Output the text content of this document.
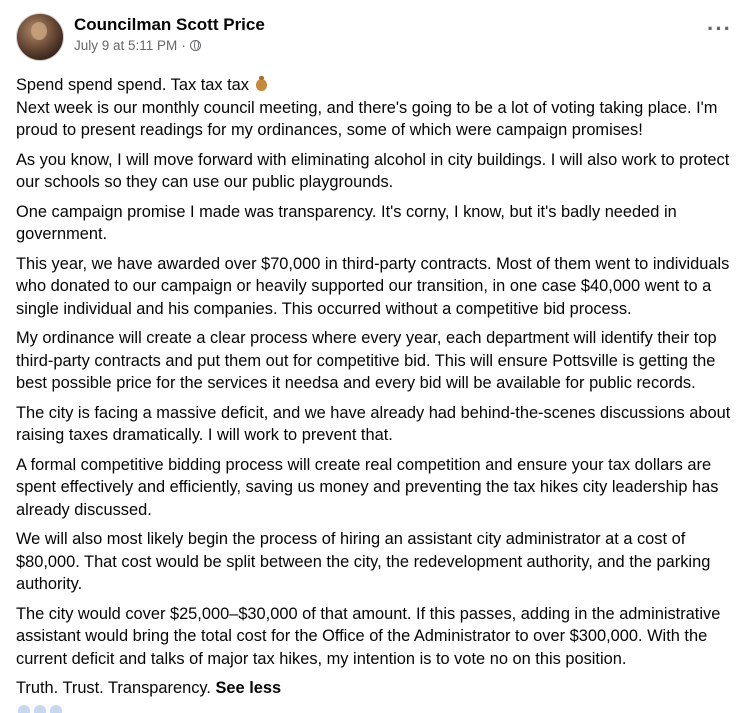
Councilman Scott Price
July 9 at 5:11 PM ·
···

Spend spend spend. Tax tax tax
Next week is our monthly council meeting, and there's going to be a lot of voting taking place. I'm proud to present readings for my ordinances, some of which were campaign promises!

As you know, I will move forward with eliminating alcohol in city buildings. I will also work to protect our schools so they can use our public playgrounds.

One campaign promise I made was transparency. It's corny, I know, but it's badly needed in government.

This year, we have awarded over $70,000 in third-party contracts. Most of them went to individuals who donated to our campaign or heavily supported our transition, in one case $40,000 went to a single individual and his companies. This occurred without a competitive bid process.

My ordinance will create a clear process where every year, each department will identify their top third-party contracts and put them out for competitive bid. This will ensure Pottsville is getting the best possible price for the services it needsa and every bid will be available for public records.

The city is facing a massive deficit, and we have already had behind-the-scenes discussions about raising taxes dramatically. I will work to prevent that.

A formal competitive bidding process will create real competition and ensure your tax dollars are spent effectively and efficiently, saving us money and preventing the tax hikes city leadership has already discussed.

We will also most likely begin the process of hiring an assistant city administrator at a cost of $80,000. That cost would be split between the city, the redevelopment authority, and the parking authority.

The city would cover $25,000–$30,000 of that amount. If this passes, adding in the administrative assistant would bring the total cost for the Office of the Administrator to over $300,000. With the current deficit and talks of major tax hikes, my intention is to vote no on this position.

Truth. Trust. Transparency. See less
